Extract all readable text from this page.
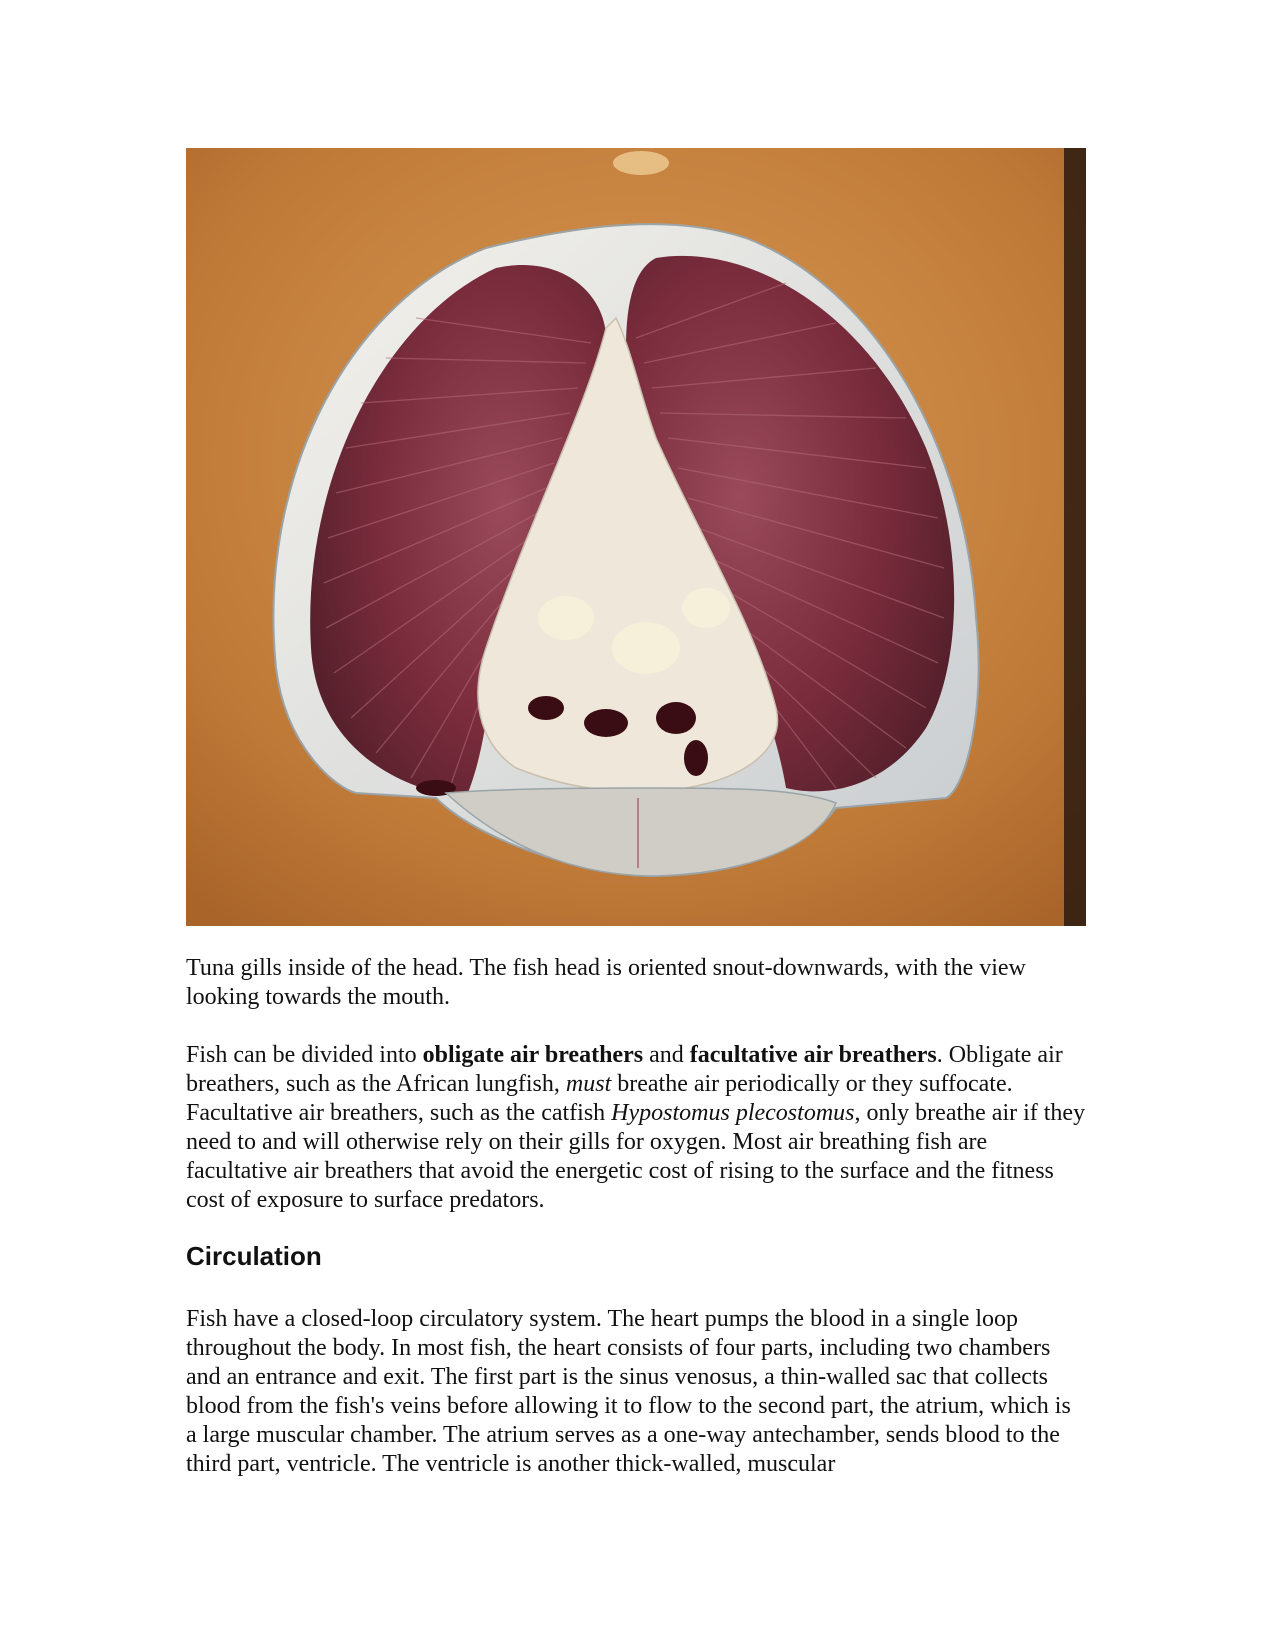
Tuna gills inside of the head. The fish head is oriented snout-downwards, with the view looking towards the mouth.

Fish can be divided into obligate air breathers and facultative air breathers. Obligate air breathers, such as the African lungfish, must breathe air periodically or they suffocate. Facultative air breathers, such as the catfish Hypostomus plecostomus, only breathe air if they need to and will otherwise rely on their gills for oxygen. Most air breathing fish are facultative air breathers that avoid the energetic cost of rising to the surface and the fitness cost of exposure to surface predators.

Circulation

Fish have a closed-loop circulatory system. The heart pumps the blood in a single loop throughout the body. In most fish, the heart consists of four parts, including two chambers and an entrance and exit. The first part is the sinus venosus, a thin-walled sac that collects blood from the fish's veins before allowing it to flow to the second part, the atrium, which is a large muscular chamber. The atrium serves as a one-way antechamber, sends blood to the third part, ventricle. The ventricle is another thick-walled, muscular
